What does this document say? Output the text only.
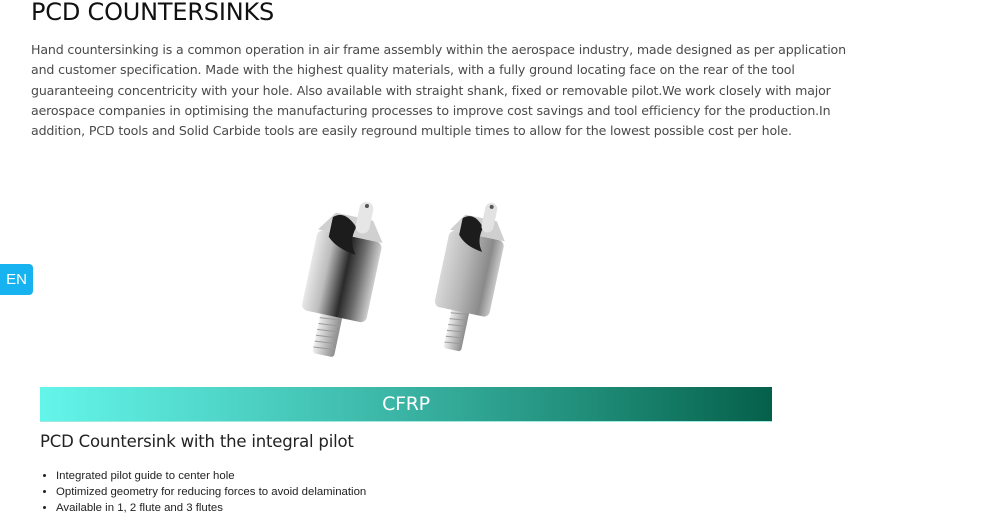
PCD COUNTERSINKS

Hand countersinking is a common operation in air frame assembly within the aerospace industry, made designed as per application
and customer specification. Made with the highest quality materials, with a fully ground locating face on the rear of the tool
guaranteeing concentricity with your hole. Also available with straight shank, fixed or removable pilot.We work closely with major
aerospace companies in optimising the manufacturing processes to improve cost savings and tool efficiency for the production.In
addition, PCD tools and Solid Carbide tools are easily reground multiple times to allow for the lowest possible cost per hole.

EN
CFRP
PCD Countersink with the integral pilot
• Integrated pilot guide to center hole
• Optimized geometry for reducing forces to avoid delamination
• Available in 1, 2 flute and 3 flutes
